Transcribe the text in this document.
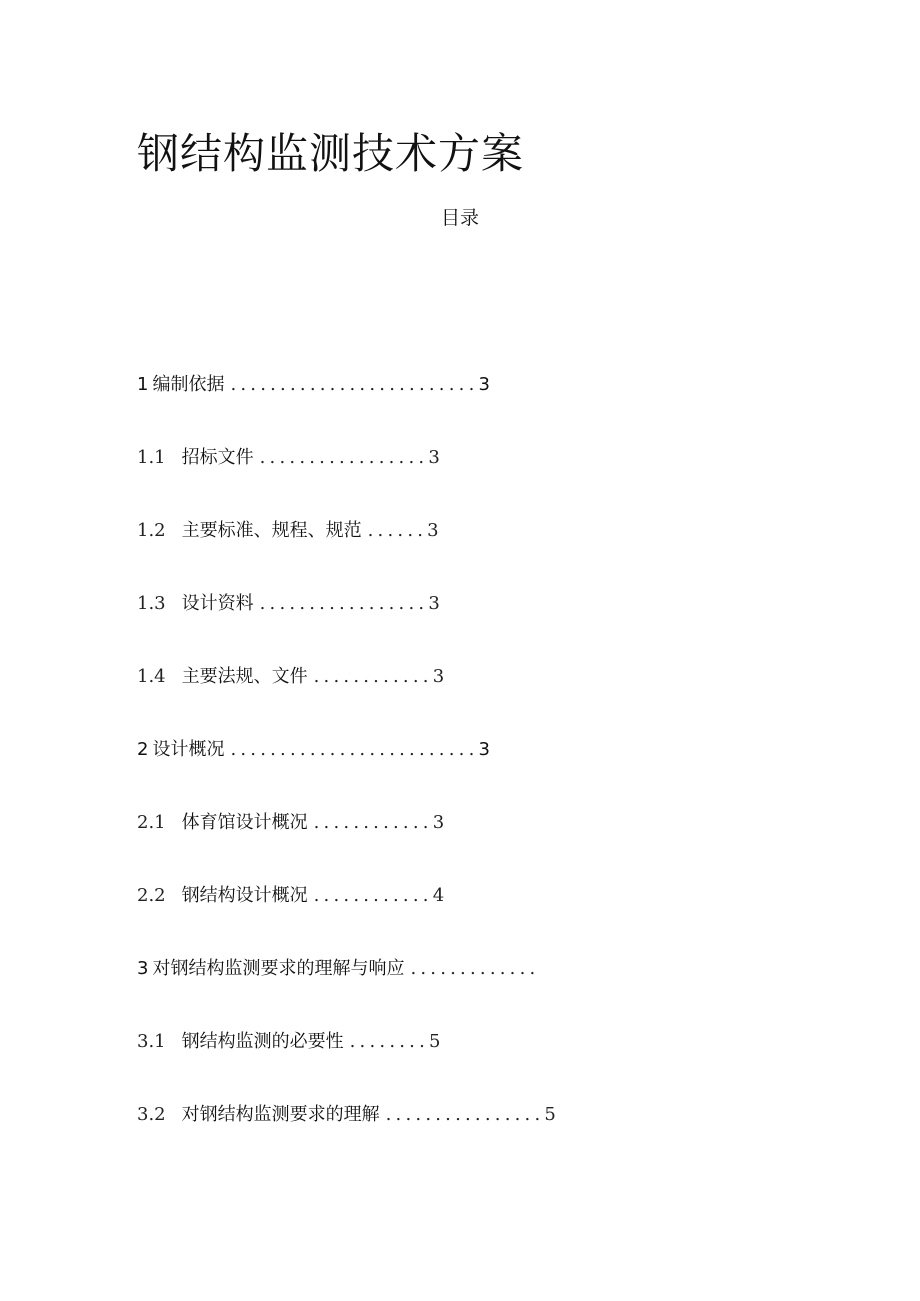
钢结构监测技术方案
目录
1 编制依据 ......................... 3
1.1 招标文件 ................. 3
1.2 主要标准、规程、规范 ...... 3
1.3 设计资料 ................. 3
1.4 主要法规、文件 ............ 3
2 设计概况 ......................... 3
2.1 体育馆设计概况 ............ 3
2.2 钢结构设计概况 ............ 4
3 对钢结构监测要求的理解与响应 .............
3.1 钢结构监测的必要性 ........ 5
3.2 对钢结构监测要求的理解 ................ 5
